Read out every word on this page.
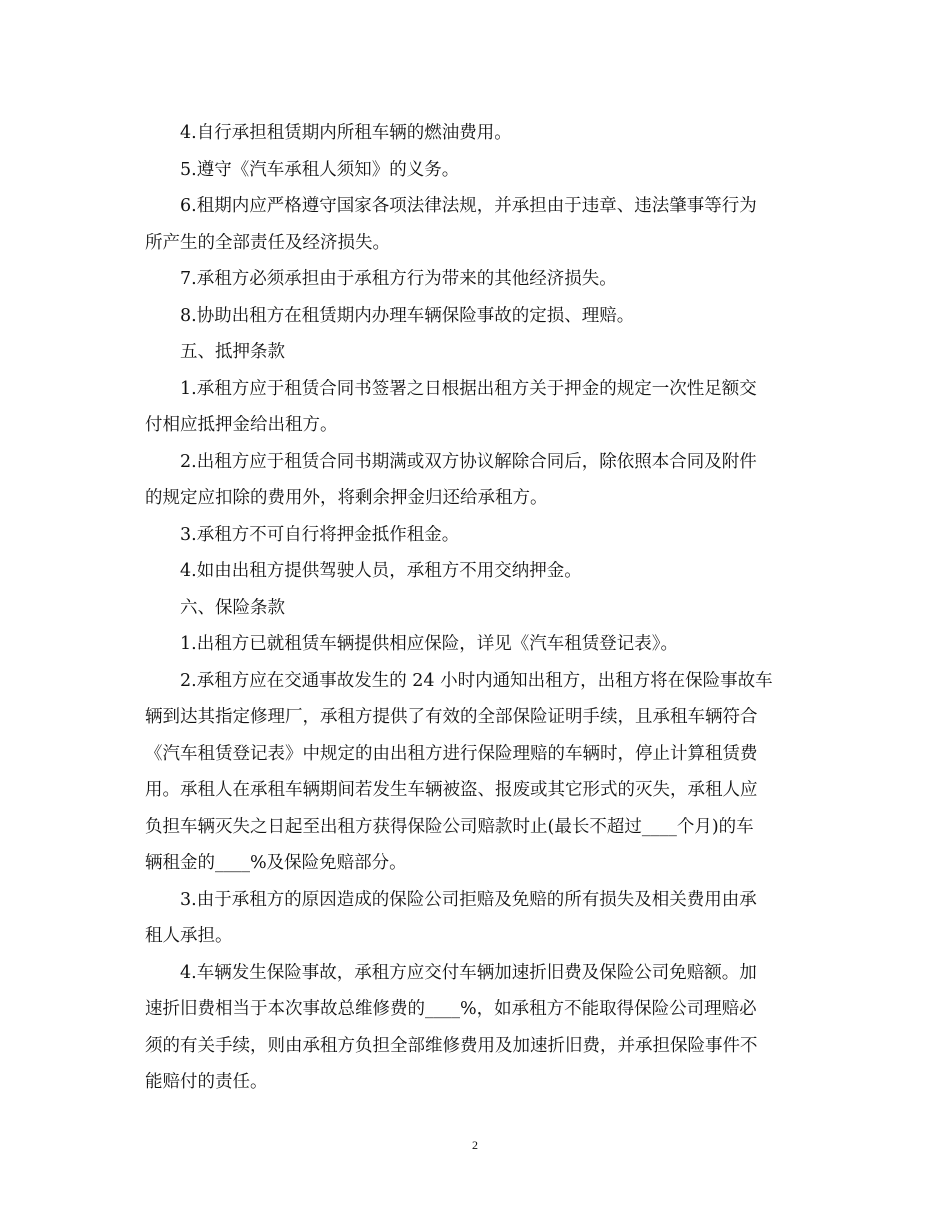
4.自行承担租赁期内所租车辆的燃油费用。

5.遵守《汽车承租人须知》的义务。

6.租期内应严格遵守国家各项法律法规，并承担由于违章、违法肇事等行为
所产生的全部责任及经济损失。

7.承租方必须承担由于承租方行为带来的其他经济损失。

8.协助出租方在租赁期内办理车辆保险事故的定损、理赔。

五、抵押条款

1.承租方应于租赁合同书签署之日根据出租方关于押金的规定一次性足额交
付相应抵押金给出租方。

2.出租方应于租赁合同书期满或双方协议解除合同后，除依照本合同及附件
的规定应扣除的费用外，将剩余押金归还给承租方。

3.承租方不可自行将押金抵作租金。

4.如由出租方提供驾驶人员，承租方不用交纳押金。

六、保险条款

1.出租方已就租赁车辆提供相应保险，详见《汽车租赁登记表》。

2.承租方应在交通事故发生的 24 小时内通知出租方，出租方将在保险事故车
辆到达其指定修理厂，承租方提供了有效的全部保险证明手续，且承租车辆符合
《汽车租赁登记表》中规定的由出租方进行保险理赔的车辆时，停止计算租赁费
用。承租人在承租车辆期间若发生车辆被盗、报废或其它形式的灭失，承租人应
负担车辆灭失之日起至出租方获得保险公司赔款时止(最长不超过____个月)的车
辆租金的____%及保险免赔部分。

3.由于承租方的原因造成的保险公司拒赔及免赔的所有损失及相关费用由承
租人承担。

4.车辆发生保险事故，承租方应交付车辆加速折旧费及保险公司免赔额。加
速折旧费相当于本次事故总维修费的____%，如承租方不能取得保险公司理赔必
须的有关手续，则由承租方负担全部维修费用及加速折旧费，并承担保险事件不
能赔付的责任。

2
